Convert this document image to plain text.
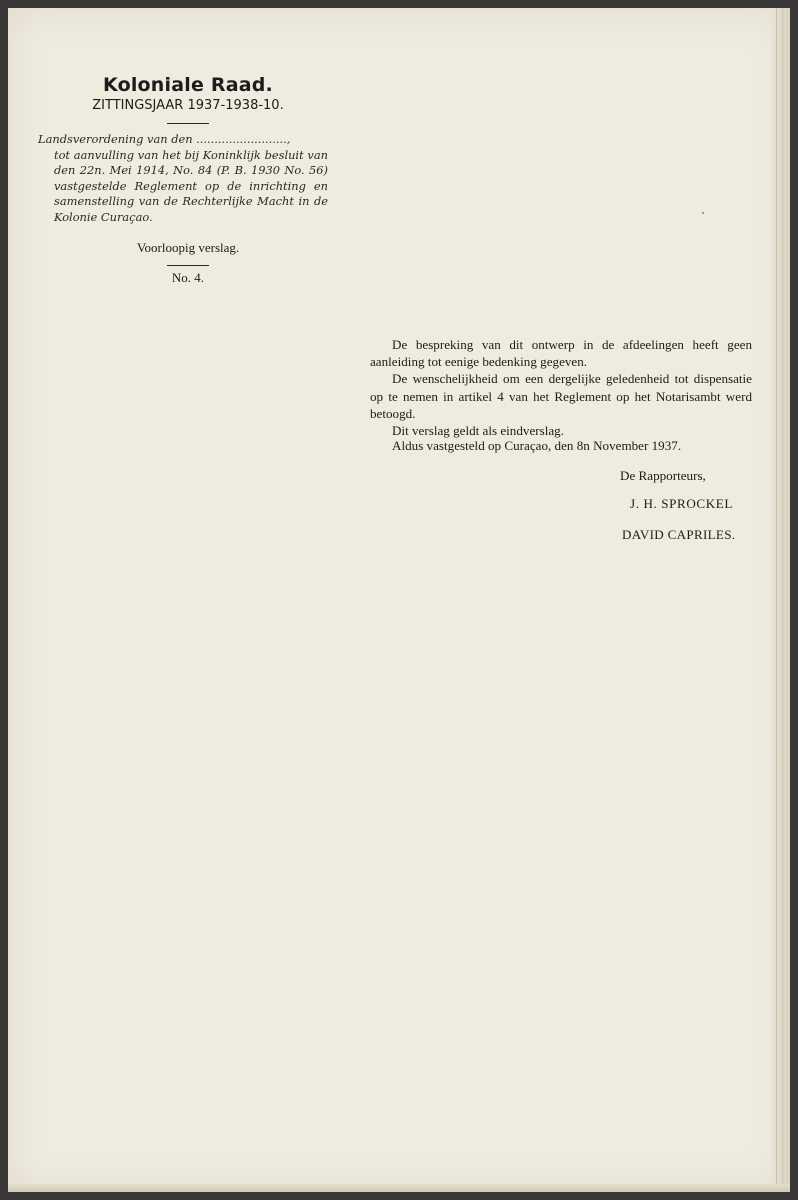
Koloniale Raad.
ZITTINGSJAAR 1937-1938-10.
Landsverordening van den .........................,
tot aanvulling van het bij Koninklijk besluit van den 22n. Mei 1914, No. 84 (P. B. 1930 No. 56) vastgestelde Reglement op de inrichting en samenstelling van de Rechterlijke Macht in de Kolonie Curaçao.
Voorloopig verslag.
No. 4.

De bespreking van dit ontwerp in de afdeelingen heeft geen aanleiding tot eenige bedenking gegeven.

De wenschelijkheid om een dergelijke geledenheid tot dispensatie op te nemen in artikel 4 van het Reglement op het Notarisambt werd betoogd.

Dit verslag geldt als eindverslag.

Aldus vastgesteld op Curaçao, den 8n November 1937.
De Rapporteurs,
J. H. SPROCKEL
DAVID CAPRILES.
